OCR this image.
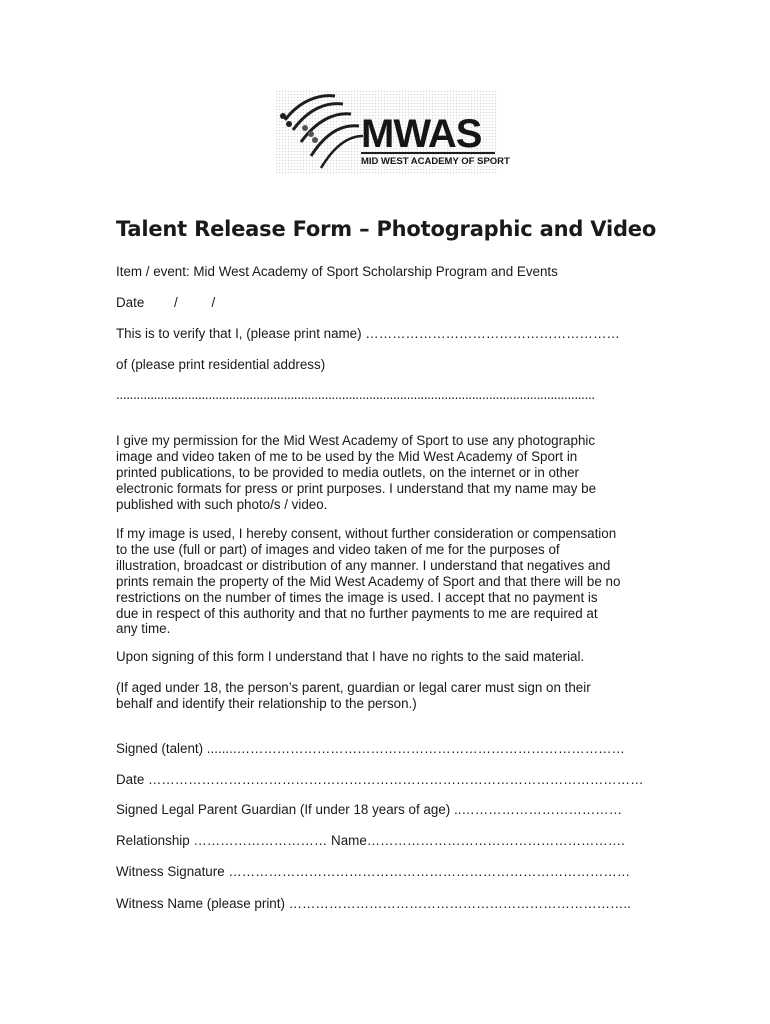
MWAS
MID WEST ACADEMY OF SPORT
Talent Release Form – Photographic and Video
Item / event: Mid West Academy of Sport Scholarship Program and Events
Date /	/
This is to verify that I, (please print name) …………………………………………………
of (please print residential address)
............................................................................................................................................
I give my permission for the Mid West Academy of Sport to use any photographic
image and video taken of me to be used by the Mid West Academy of Sport in
printed publications, to be provided to media outlets, on the internet or in other
electronic formats for press or print purposes. I understand that my name may be
published with such photo/s / video.
If my image is used, I hereby consent, without further consideration or compensation
to the use (full or part) of images and video taken of me for the purposes of
illustration, broadcast or distribution of any manner. I understand that negatives and
prints remain the property of the Mid West Academy of Sport and that there will be no
restrictions on the number of times the image is used. I accept that no payment is
due in respect of this authority and that no further payments to me are required at
any time.
Upon signing of this form I understand that I have no rights to the said material.
(If aged under 18, the person’s parent, guardian or legal carer must sign on their
behalf and identify their relationship to the person.)
Signed (talent) ........……………………………………………………………………………
Date …………………………………………………………………………………………………
Signed Legal Parent Guardian (If under 18 years of age) ..………………………………
Relationship ………………………… Name………………………………………………….
Witness Signature ………………………………………………………………………………
Witness Name (please print) …………………………………………………………………..
